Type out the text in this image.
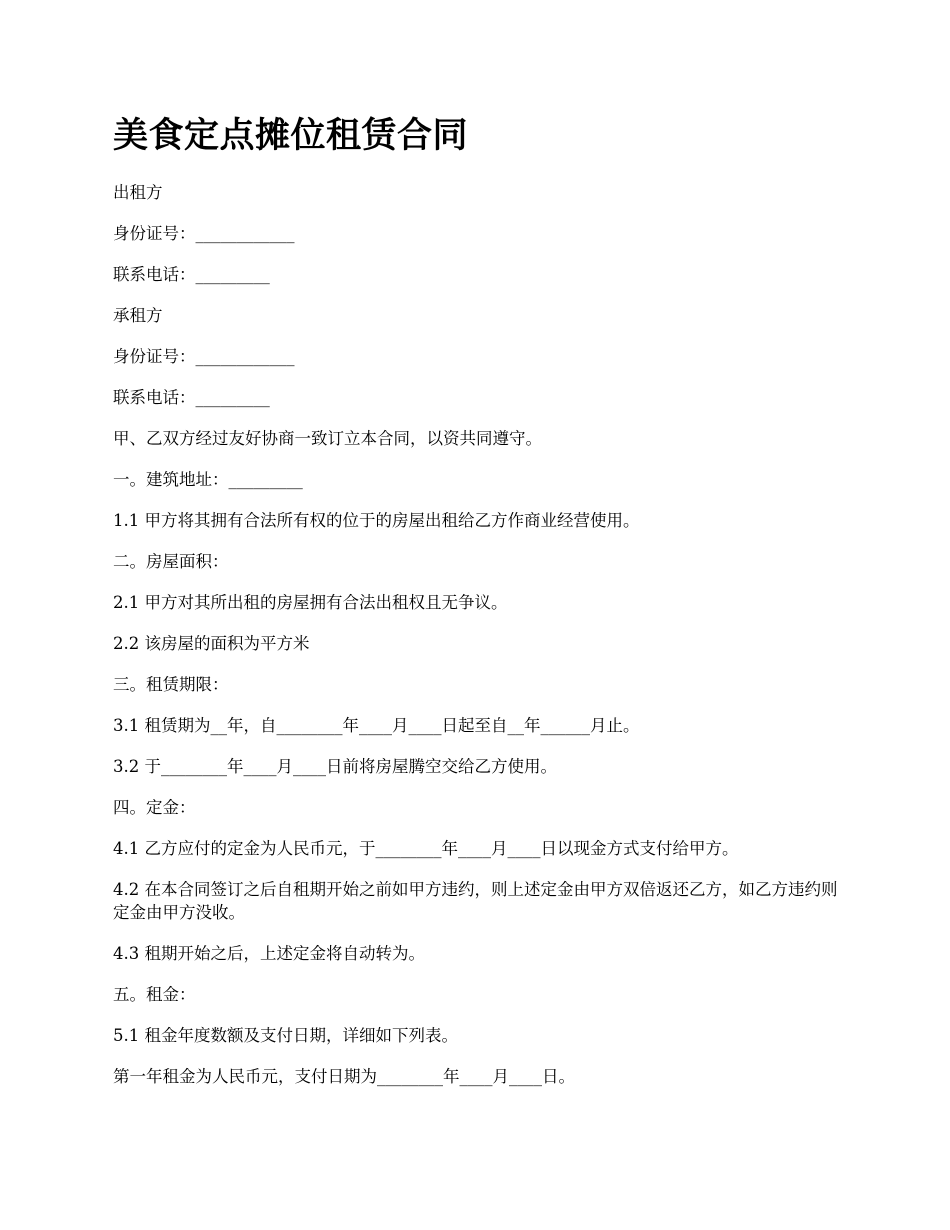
美食定点摊位租赁合同

出租方

身份证号：____________

联系电话：_________

承租方

身份证号：____________

联系电话：_________

甲、乙双方经过友好协商一致订立本合同，以资共同遵守。

一。建筑地址：_________

1.1 甲方将其拥有合法所有权的位于的房屋出租给乙方作商业经营使用。

二。房屋面积：

2.1 甲方对其所出租的房屋拥有合法出租权且无争议。

2.2 该房屋的面积为平方米

三。租赁期限：

3.1 租赁期为__年，自________年____月____日起至自__年______月止。

3.2 于________年____月____日前将房屋腾空交给乙方使用。

四。定金：

4.1 乙方应付的定金为人民币元，于________年____月____日以现金方式支付给甲方。

4.2 在本合同签订之后自租期开始之前如甲方违约，则上述定金由甲方双倍返还乙方，如乙方违约则定金由甲方没收。

4.3 租期开始之后，上述定金将自动转为。

五。租金：

5.1 租金年度数额及支付日期，详细如下列表。

第一年租金为人民币元，支付日期为________年____月____日。
